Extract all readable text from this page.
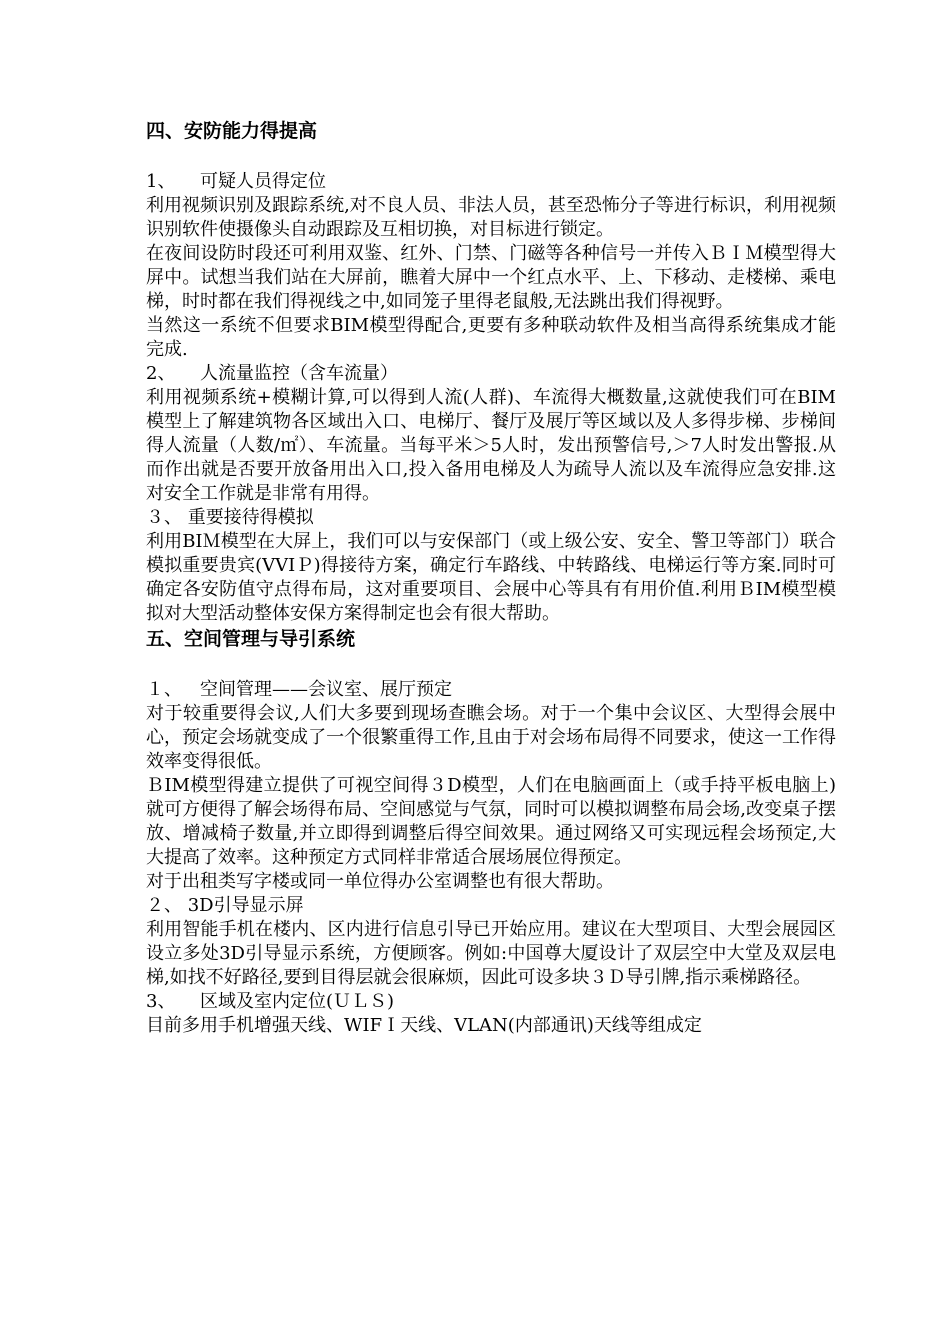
四、安防能力得提高

1、 可疑人员得定位

利用视频识别及跟踪系统,对不良人员、非法人员，甚至恐怖分子等进行标识，利用视频识别软件使摄像头自动跟踪及互相切换，对目标进行锁定。

在夜间设防时段还可利用双鉴、红外、门禁、门磁等各种信号一并传入ＢＩＭ模型得大屏中。试想当我们站在大屏前，瞧着大屏中一个红点水平、上、下移动、走楼梯、乘电梯，时时都在我们得视线之中,如同笼子里得老鼠般,无法跳出我们得视野。

当然这一系统不但要求BIM模型得配合,更要有多种联动软件及相当高得系统集成才能完成.

2、 人流量监控（含车流量）

利用视频系统+模糊计算,可以得到人流(人群)、车流得大概数量,这就使我们可在BIM模型上了解建筑物各区域出入口、电梯厅、餐厅及展厅等区域以及人多得步梯、步梯间得人流量（人数/㎡）、车流量。当每平米＞5人时，发出预警信号,＞7人时发出警报.从而作出就是否要开放备用出入口,投入备用电梯及人为疏导人流以及车流得应急安排.这对安全工作就是非常有用得。

３、 重要接待得模拟

利用BIＭ模型在大屏上，我们可以与安保部门（或上级公安、安全、警卫等部门）联合模拟重要贵宾(VVIＰ)得接待方案，确定行车路线、中转路线、电梯运行等方案.同时可确定各安防值守点得布局，这对重要项目、会展中心等具有有用价值.利用ＢIM模型模拟对大型活动整体安保方案得制定也会有很大帮助。

五、空间管理与导引系统

１、 空间管理——会议室、展厅预定

对于较重要得会议,人们大多要到现场查瞧会场。对于一个集中会议区、大型得会展中心，预定会场就变成了一个很繁重得工作,且由于对会场布局得不同要求，使这一工作得效率变得很低。

ＢIM模型得建立提供了可视空间得３D模型，人们在电脑画面上（或手持平板电脑上)就可方便得了解会场得布局、空间感觉与气氛，同时可以模拟调整布局会场,改变桌子摆放、增减椅子数量,并立即得到调整后得空间效果。通过网络又可实现远程会场预定,大大提高了效率。这种预定方式同样非常适合展场展位得预定。

对于出租类写字楼或同一单位得办公室调整也有很大帮助。

２、 3D引导显示屏

利用智能手机在楼内、区内进行信息引导已开始应用。建议在大型项目、大型会展园区设立多处3D引导显示系统，方便顾客。例如:中国尊大厦设计了双层空中大堂及双层电梯,如找不好路径,要到目得层就会很麻烦，因此可设多块３Ｄ导引牌,指示乘梯路径。

3、 区域及室内定位(ＵＬＳ)

目前多用手机增强天线、WIFＩ天线、VLAN(内部通讯)天线等组成定
